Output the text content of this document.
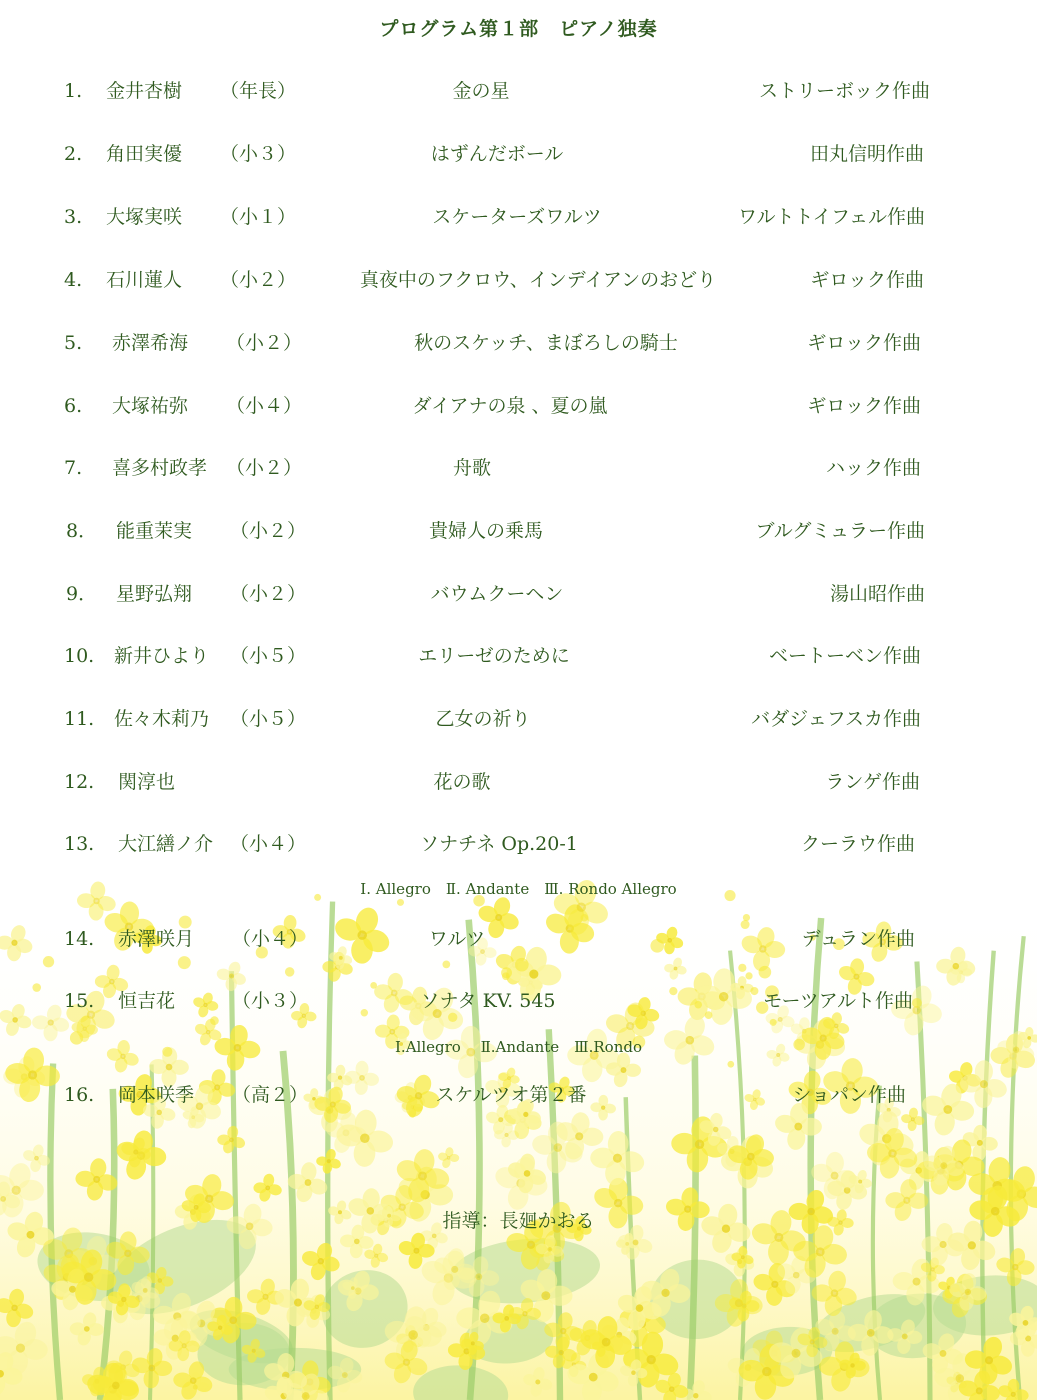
プログラム第１部　ピアノ独奏
1. 金井杏樹 （年長）	金の星	ストリーボック作曲
2. 角田実優 （小３）	はずんだボール	田丸信明作曲
3. 大塚実咲 （小１）	スケーターズワルツ	ワルトトイフェル作曲
4. 石川蓮人 （小２）	真夜中のフクロウ、インデイアンのおどり	ギロック作曲
5. 赤澤希海 （小２）	秋のスケッチ、まぼろしの騎士	ギロック作曲
6. 大塚祐弥 （小４）	ダイアナの泉 、夏の嵐	ギロック作曲
7. 喜多村政孝 （小２）	舟歌	ハック作曲
8． 能重茉実 （小２）	貴婦人の乗馬	ブルグミュラー作曲
9． 星野弘翔 （小２）	バウムクーヘン	湯山昭作曲
10. 新井ひより （小５）	エリーゼのために	ベートーベン作曲
11. 佐々木莉乃 （小５）	乙女の祈り	バダジェフスカ作曲
12. 関淳也	花の歌	ランゲ作曲
13. 大江繕ノ介 （小４）	ソナチネ Op.20-1	クーラウ作曲
14. 赤澤咲月 （小４）	ワルツ	デュラン作曲
15. 恒吉花	（小３）	ソナタ KV. 545	モーツアルト作曲
16. 岡本咲季 （高２）	スケルツオ第２番	ショパン作曲
Ⅰ. Allegro　Ⅱ. Andante　Ⅲ. Rondo Allegro
Ⅰ.Allegro　 Ⅱ.Andante　Ⅲ.Rondo
指導：長廻かおる
